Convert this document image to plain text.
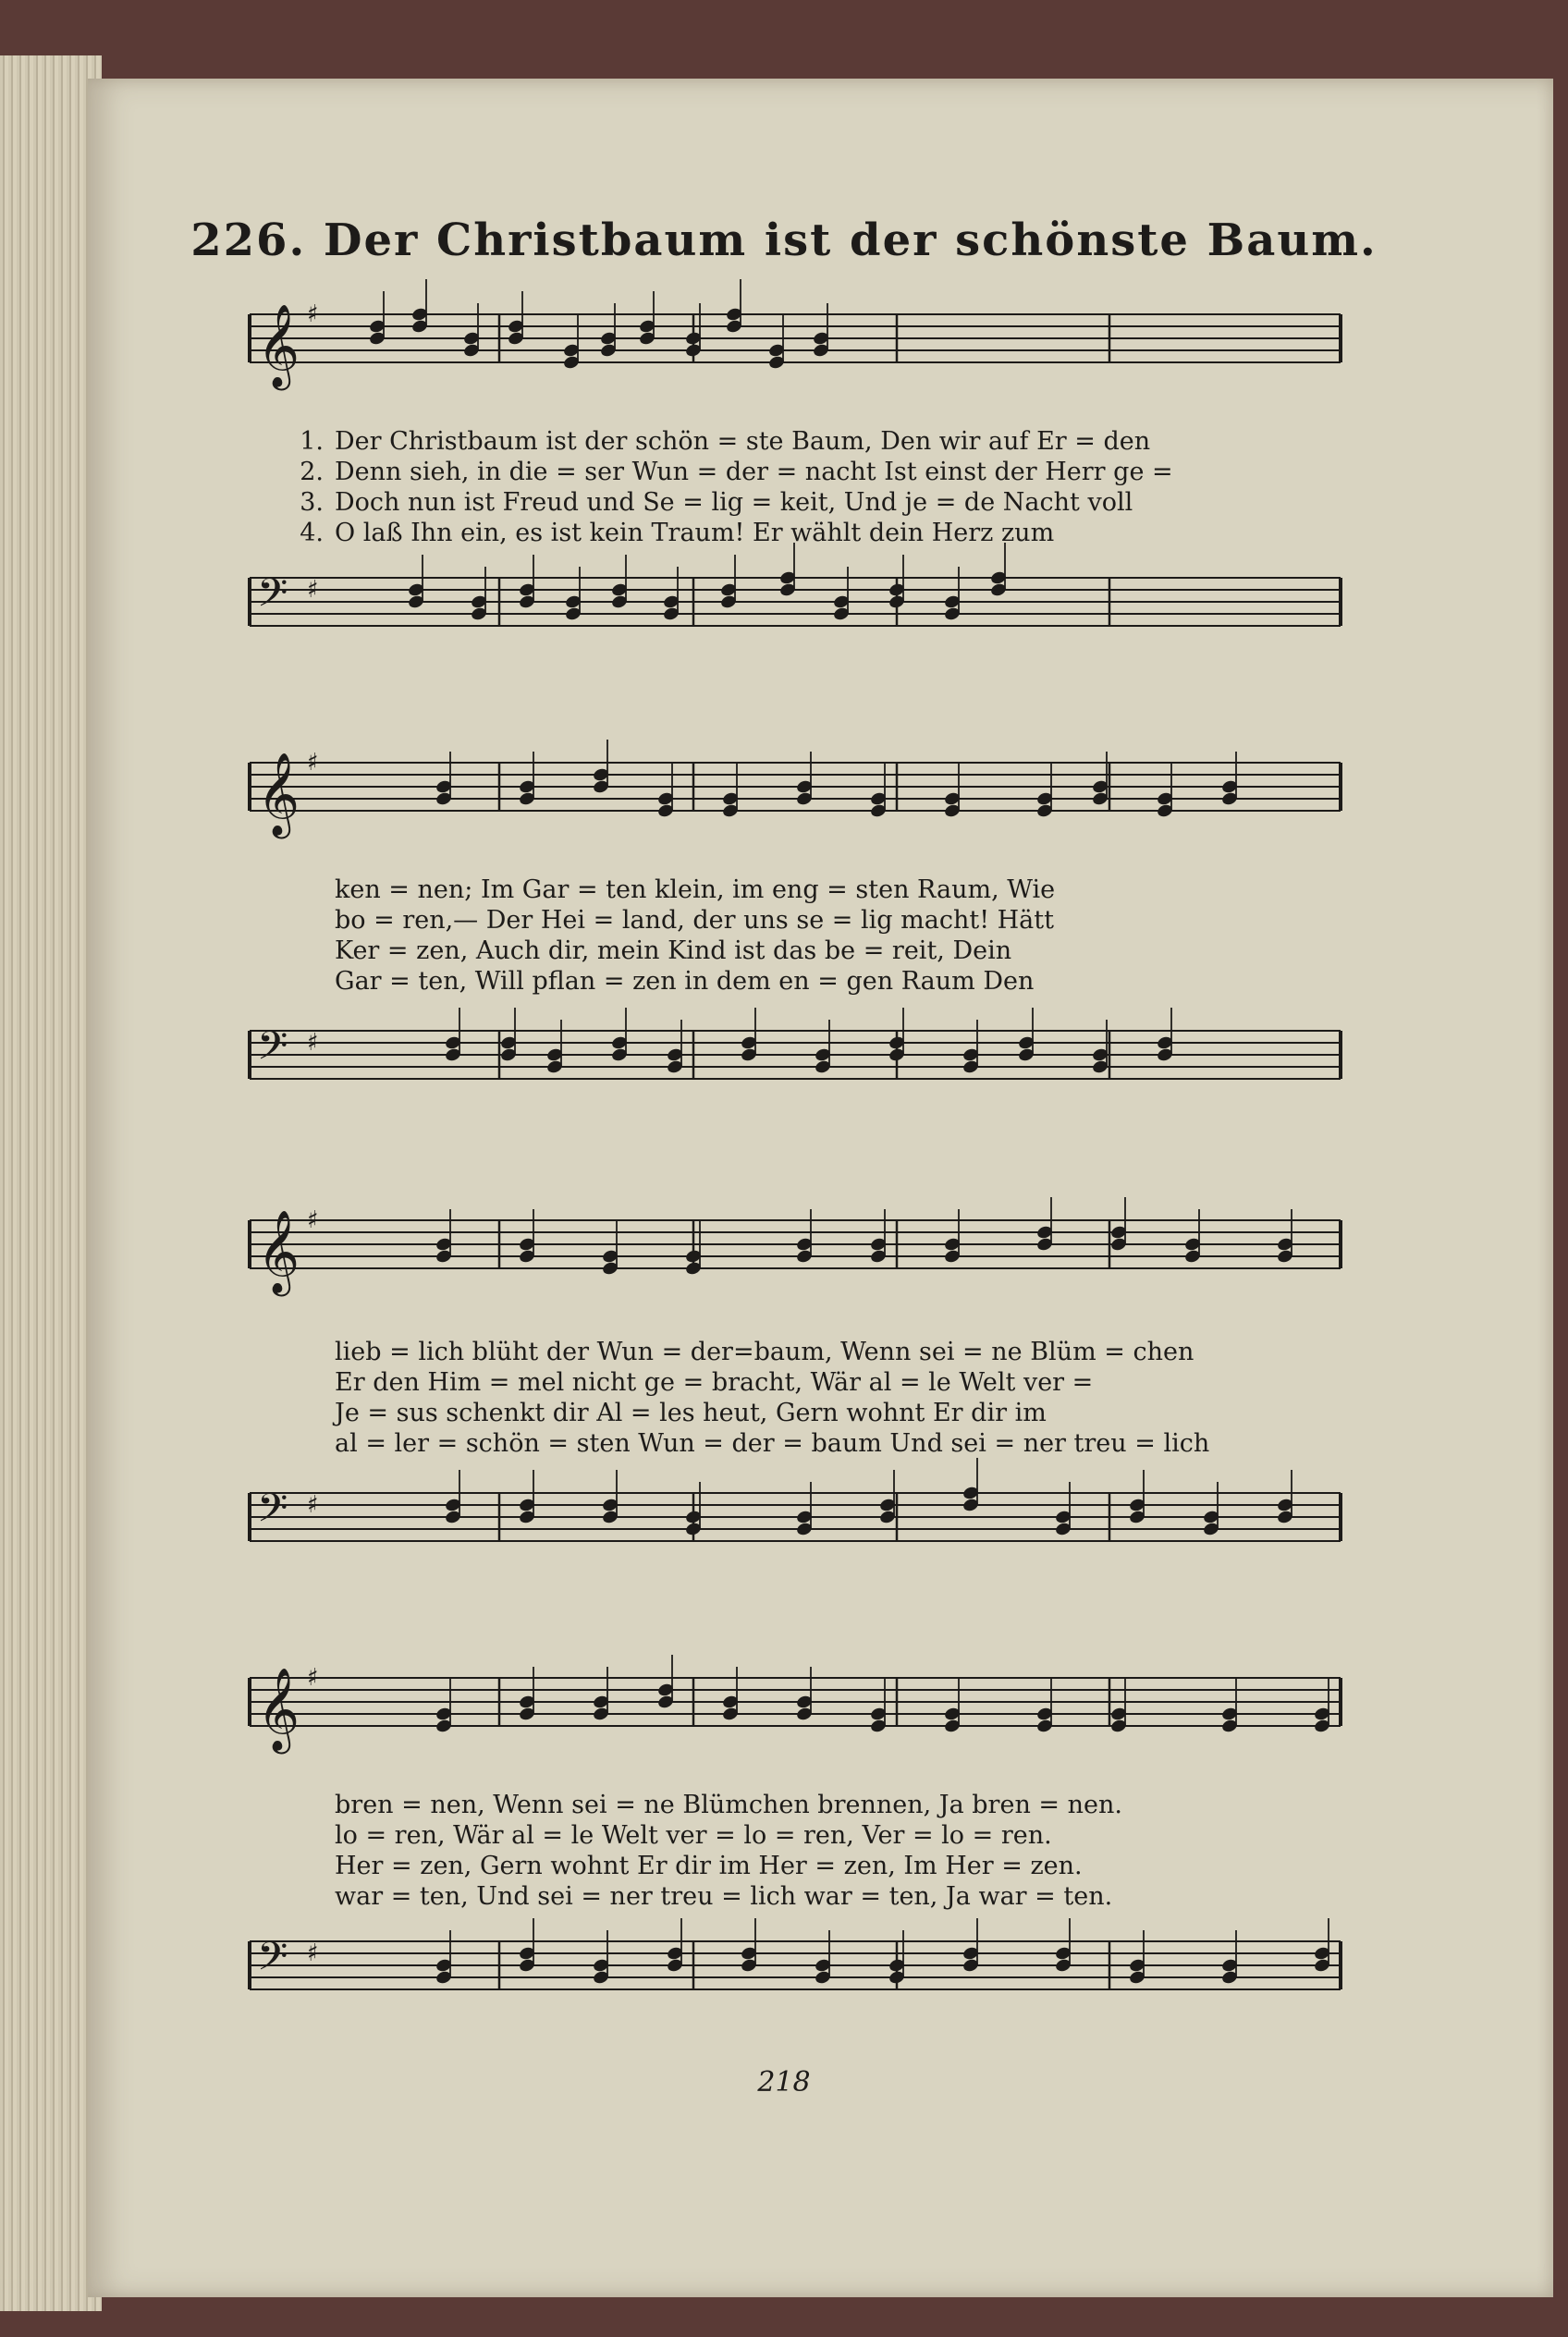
226. Der Christbaum ist der schönste Baum.
𝄞 ♯
1. Der Christbaum ist der schön = ste Baum, Den wir auf Er = den
2. Denn sieh, in die = ser Wun = der = nacht Ist einst der Herr ge =
3. Doch nun ist Freud und Se = lig = keit, Und je = de Nacht voll
4. O laß Ihn ein, es ist kein Traum! Er wählt dein Herz zum
𝄢 ♯
𝄞 ♯
ken = nen; Im Gar = ten klein, im eng = sten Raum, Wie
bo = ren,— Der Hei = land, der uns se = lig macht! Hätt
Ker = zen, Auch dir, mein Kind ist das be = reit, Dein
Gar = ten, Will pflan = zen in dem en = gen Raum Den
𝄢 ♯
𝄞 ♯
lieb = lich blüht der Wun = der=baum, Wenn sei = ne Blüm = chen
Er den Him = mel nicht ge = bracht, Wär al = le Welt ver =
Je = sus schenkt dir Al = les heut, Gern wohnt Er dir im
al = ler = schön = sten Wun = der = baum Und sei = ner treu = lich
𝄢 ♯
𝄞 ♯
bren = nen, Wenn sei = ne Blümchen brennen, Ja bren = nen.
lo = ren, Wär al = le Welt ver = lo = ren, Ver = lo = ren.
Her = zen, Gern wohnt Er dir im Her = zen, Im Her = zen.
war = ten, Und sei = ner treu = lich war = ten, Ja war = ten.
𝄢 ♯
218
